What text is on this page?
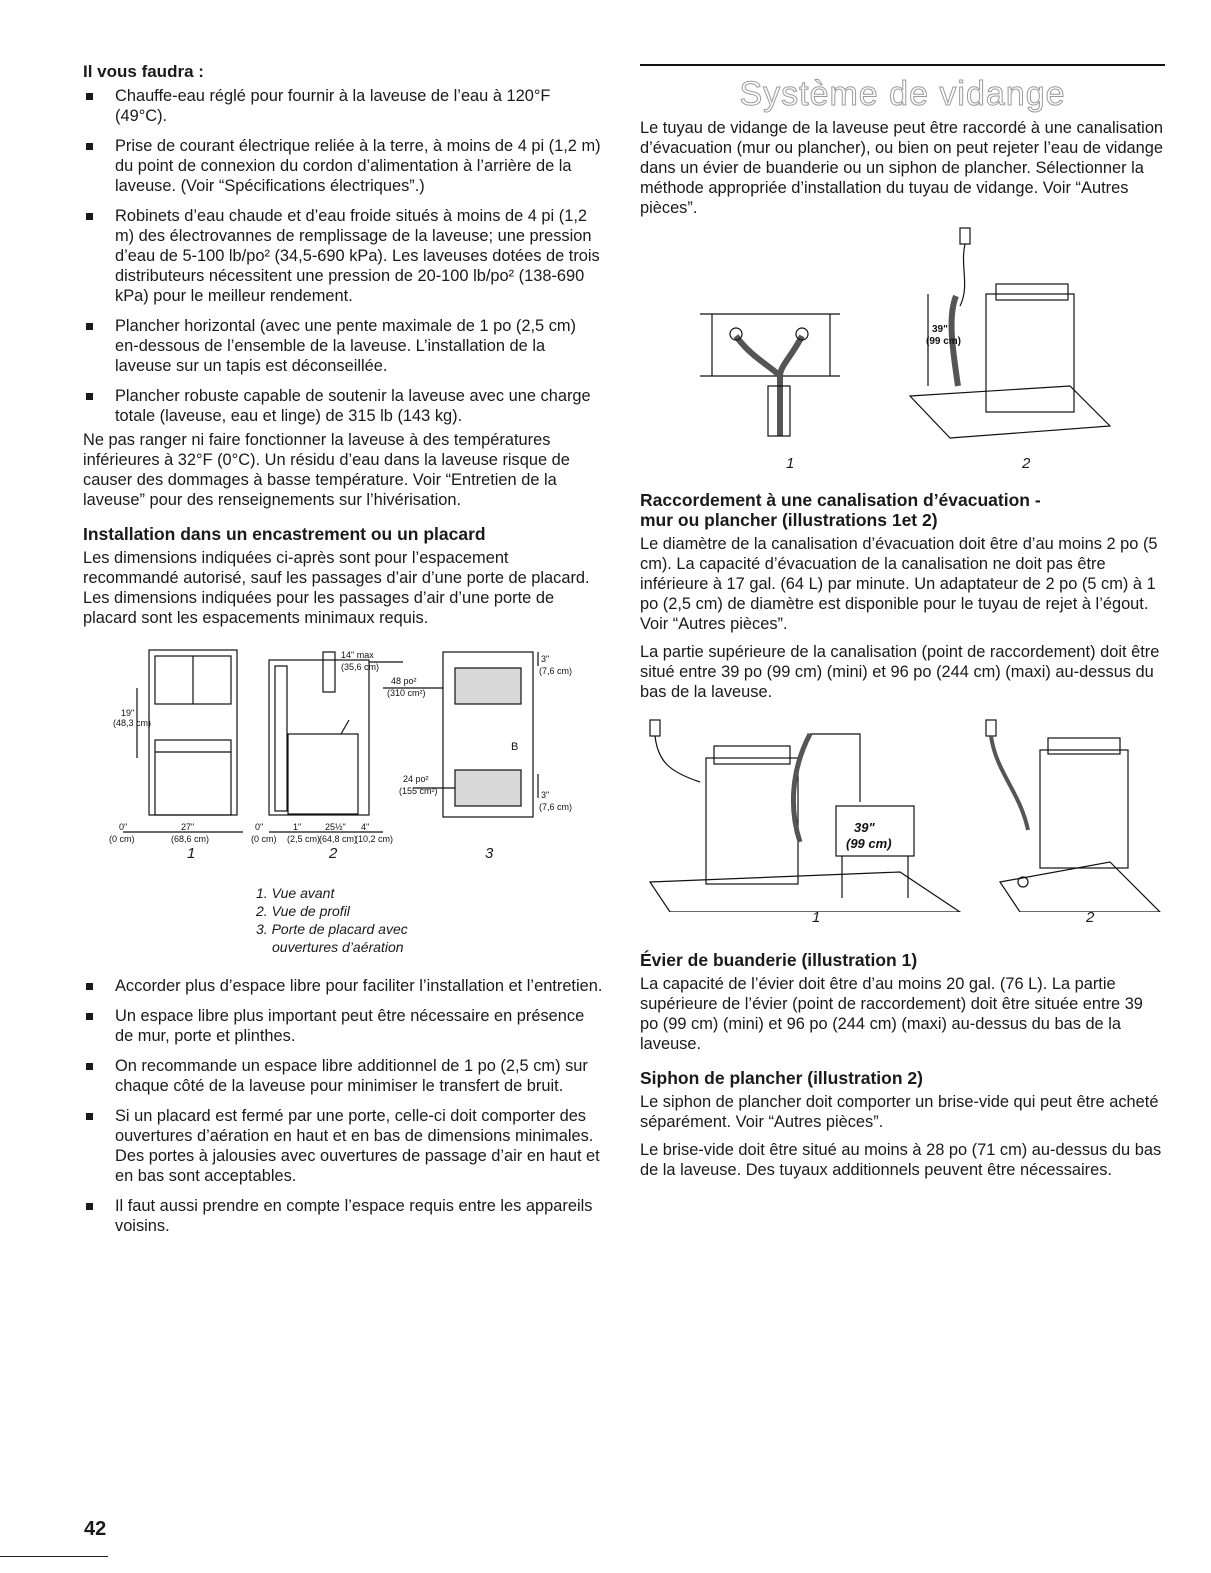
Il vous faudra :
Chauffe-eau réglé pour fournir à la laveuse de l’eau à 120°F (49°C).
Prise de courant électrique reliée à la terre, à moins de 4 pi (1,2 m) du point de connexion du cordon d’alimentation à l’arrière de la laveuse. (Voir “Spécifications électriques”.)
Robinets d’eau chaude et d’eau froide situés à moins de 4 pi (1,2 m) des électrovannes de remplissage de la laveuse; une pression d’eau de 5-100 lb/po² (34,5-690 kPa). Les laveuses dotées de trois distributeurs nécessitent une pression de 20-100 lb/po² (138-690 kPa) pour le meilleur rendement.
Plancher horizontal (avec une pente maximale de 1 po (2,5 cm) en-dessous de l’ensemble de la laveuse. L’installation de la laveuse sur un tapis est déconseillée.
Plancher robuste capable de soutenir la laveuse avec une charge totale (laveuse, eau et linge) de 315 lb (143 kg).

Ne pas ranger ni faire fonctionner la laveuse à des températures inférieures à 32°F (0°C). Un résidu d’eau dans la laveuse risque de causer des dommages à basse température. Voir “Entretien de la laveuse” pour des renseignements sur l’hivérisation.

Installation dans un encastrement ou un placard

Les dimensions indiquées ci-après sont pour l’espacement recommandé autorisé, sauf les passages d’air d’une porte de placard. Les dimensions indiquées pour les passages d’air d’une porte de placard sont les espacements minimaux requis.

19"
(48,3 cm)
0"
(0 cm)
27"
(68,6 cm)
14" max
(35,6 cm)
0"
(0 cm)
1"
(2,5 cm)
25½"
(64,8 cm)
4"
(10,2 cm)
3"
(7,6 cm)
3"
(7,6 cm)
48 po²
(310 cm²)
24 po²
(155 cm²)
B
1	2	3
1. Vue avant
2. Vue de profil
3. Porte de placard avec
ouvertures d’aération
Accorder plus d’espace libre pour faciliter l’installation et l’entretien.
Un espace libre plus important peut être nécessaire en présence de mur, porte et plinthes.
On recommande un espace libre additionnel de 1 po (2,5 cm) sur chaque côté de la laveuse pour minimiser le transfert de bruit.
Si un placard est fermé par une porte, celle-ci doit comporter des ouvertures d’aération en haut et en bas de dimensions minimales. Des portes à jalousies avec ouvertures de passage d’air en haut et en bas sont acceptables.
Il faut aussi prendre en compte l’espace requis entre les appareils voisins.
Système de vidange

Le tuyau de vidange de la laveuse peut être raccordé à une canalisation d’évacuation (mur ou plancher), ou bien on peut rejeter l’eau de vidange dans un évier de buanderie ou un siphon de plancher. Sélectionner la méthode appropriée d’installation du tuyau de vidange. Voir “Autres pièces”.

39"
(99 cm)
1	2
Raccordement à une canalisation d’évacuation -
mur ou plancher (illustrations 1et 2)

Le diamètre de la canalisation d’évacuation doit être d’au moins 2 po (5 cm). La capacité d’évacuation de la canalisation ne doit pas être inférieure à 17 gal. (64 L) par minute. Un adaptateur de 2 po (5 cm) à 1 po (2,5 cm) de diamètre est disponible pour le tuyau de rejet à l’égout. Voir “Autres pièces”.

La partie supérieure de la canalisation (point de raccordement) doit être situé entre 39 po (99 cm) (mini) et 96 po (244 cm) (maxi) au-dessus du bas de la laveuse.

39"
(99 cm)
1	2
Évier de buanderie (illustration 1)

La capacité de l’évier doit être d’au moins 20 gal. (76 L). La partie supérieure de l’évier (point de raccordement) doit être située entre 39 po (99 cm) (mini) et 96 po (244 cm) (maxi) au-dessus du bas de la laveuse.

Siphon de plancher (illustration 2)

Le siphon de plancher doit comporter un brise-vide qui peut être acheté séparément. Voir “Autres pièces”.

Le brise-vide doit être situé au moins à 28 po (71 cm) au-dessus du bas de la laveuse. Des tuyaux additionnels peuvent être nécessaires.

42
